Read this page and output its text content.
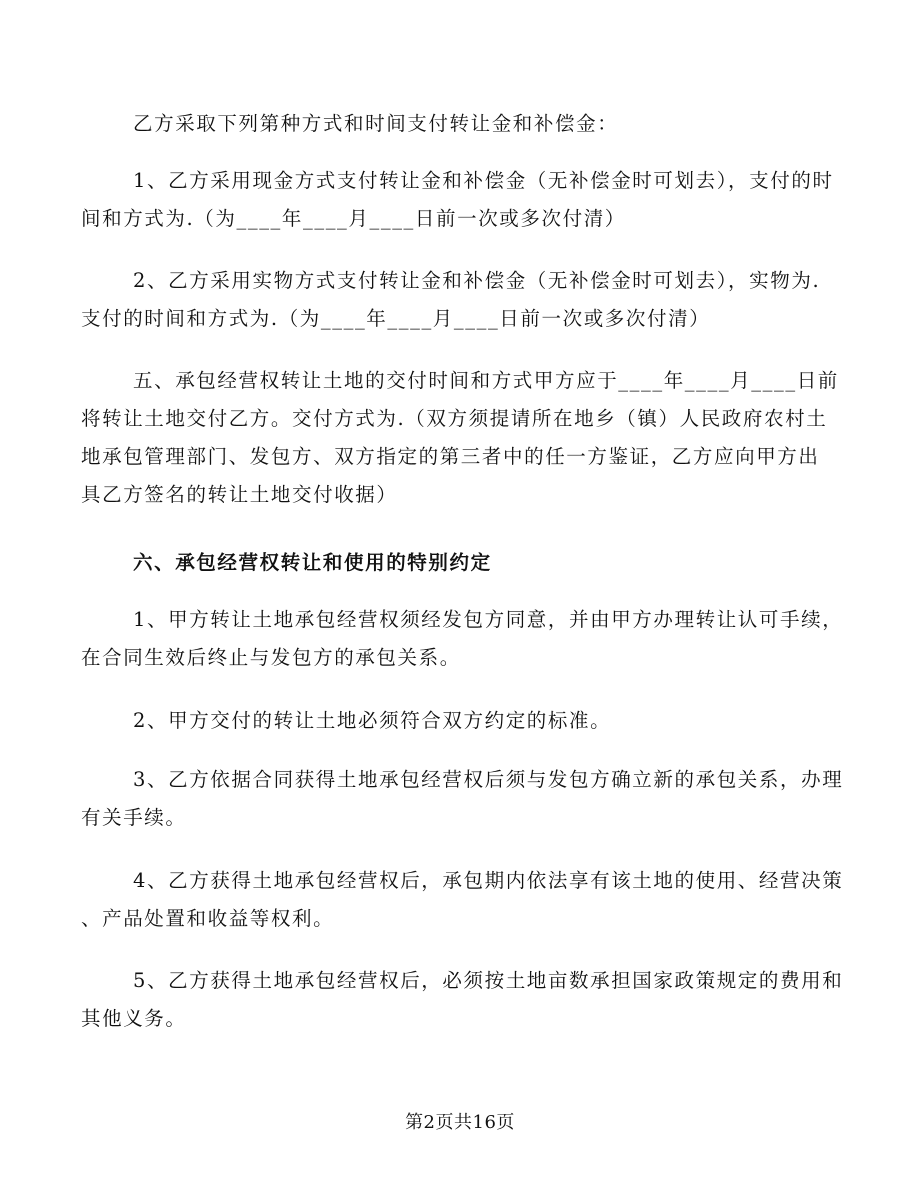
乙方采取下列第种方式和时间支付转让金和补偿金：

1、乙方采用现金方式支付转让金和补偿金（无补偿金时可划去），支付的时
间和方式为.（为____年____月____日前一次或多次付清）

2、乙方采用实物方式支付转让金和补偿金（无补偿金时可划去），实物为.
支付的时间和方式为.（为____年____月____日前一次或多次付清）

五、承包经营权转让土地的交付时间和方式甲方应于____年____月____日前
将转让土地交付乙方。交付方式为.（双方须提请所在地乡（镇）人民政府农村土
地承包管理部门、发包方、双方指定的第三者中的任一方鉴证，乙方应向甲方出
具乙方签名的转让土地交付收据）

六、承包经营权转让和使用的特别约定

1、甲方转让土地承包经营权须经发包方同意，并由甲方办理转让认可手续，
在合同生效后终止与发包方的承包关系。

2、甲方交付的转让土地必须符合双方约定的标准。

3、乙方依据合同获得土地承包经营权后须与发包方确立新的承包关系，办理
有关手续。

4、乙方获得土地承包经营权后，承包期内依法享有该土地的使用、经营决策
、产品处置和收益等权利。

5、乙方获得土地承包经营权后，必须按土地亩数承担国家政策规定的费用和
其他义务。

第2页共16页
